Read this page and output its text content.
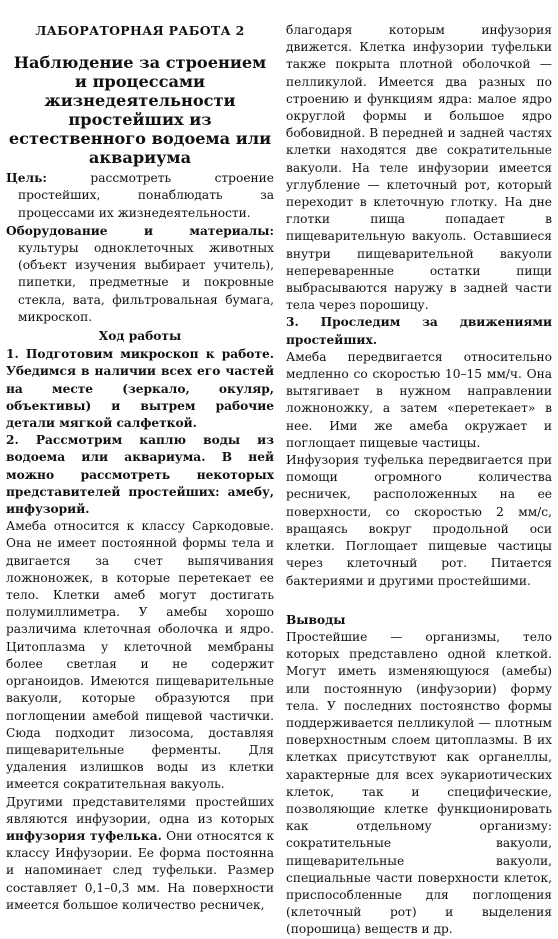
ЛАБОРАТОРНАЯ РАБОТА 2
Наблюдение за строением и процессами жизнедеятельности простейших из естественного водоема или аквариума

Цель:	рассмотреть строение простейших, понаблюдать за процессами их жизнедеятельности.

Оборудование и материалы: культуры одноклеточных животных (объект изучения выбирает учитель), пипетки, предметные и покровные стекла, вата, фильтровальная бумага, микроскоп.

Ход работы

1. Подготовим микроскоп к работе. Убедимся в наличии всех его частей на месте (зеркало, окуляр, объективы) и вытрем рабочие детали мягкой салфеткой.

2. Рассмотрим каплю воды из водоема или аквариума. В ней можно рассмотреть некоторых представителей простейших: амебу, инфузорий.

Амеба относится к классу Саркодовые. Она не имеет постоянной формы тела и двигается за счет выпячивания ложноножек, в которые перетекает ее тело. Клетки амеб могут достигать полумиллиметра. У амебы хорошо различима клеточная оболочка и ядро. Цитоплазма у клеточной мембраны более светлая и не содержит органоидов. Имеются пищеварительные вакуоли, которые образуются при поглощении амебой пищевой частички. Сюда подходит лизосома, доставляя пищеварительные ферменты. Для удаления излишков воды из клетки имеется сократительная вакуоль.

Другими представителями простейших являются инфузории, одна из которых инфузория туфелька. Они относятся к классу Инфузории. Ее форма постоянна и напоминает след туфельки. Размер составляет 0,1–0,3 мм. На поверхности имеется большое количество ресничек,

благодаря которым инфузория движется. Клетка инфузории туфельки также покрыта плотной оболочкой — пелликулой. Имеется два разных по строению и функциям ядра: малое ядро округлой формы и большое ядро бобовидной. В передней и задней частях клетки находятся две сократительные вакуоли. На теле инфузории имеется углубление — клеточный рот, который переходит в клеточную глотку. На дне глотки пища попадает в пищеварительную вакуоль. Оставшиеся внутри пищеварительной вакуоли непереваренные остатки пищи выбрасываются наружу в задней части тела через порошицу.

3. Проследим за движениями простейших.

Амеба передвигается относительно медленно со скоростью 10–15 мм/ч. Она вытягивает в нужном направлении ложноножку, а затем «перетекает» в нее. Ими же амеба окружает и поглощает пищевые частицы.

Инфузория туфелька передвигается при помощи огромного количества ресничек, расположенных на ее поверхности, со скоростью 2 мм/с, вращаясь вокруг продольной оси клетки. Поглощает пищевые частицы через клеточный рот. Питается бактериями и другими простейшими.

Выводы

Простейшие — организмы, тело которых представлено одной клеткой. Могут иметь изменяющуюся (амебы) или постоянную (инфузории) форму тела. У последних постоянство формы поддерживается пелликулой — плотным поверхностным слоем цитоплазмы. В их клетках присутствуют как органеллы, характерные для всех эукариотических клеток, так и специфические, позволяющие клетке функционировать как отдельному организму: сократительные вакуоли, пищеварительные вакуоли, специальные части поверхности клеток, приспособленные для поглощения (клеточный рот) и выделения (порошица) веществ и др.
